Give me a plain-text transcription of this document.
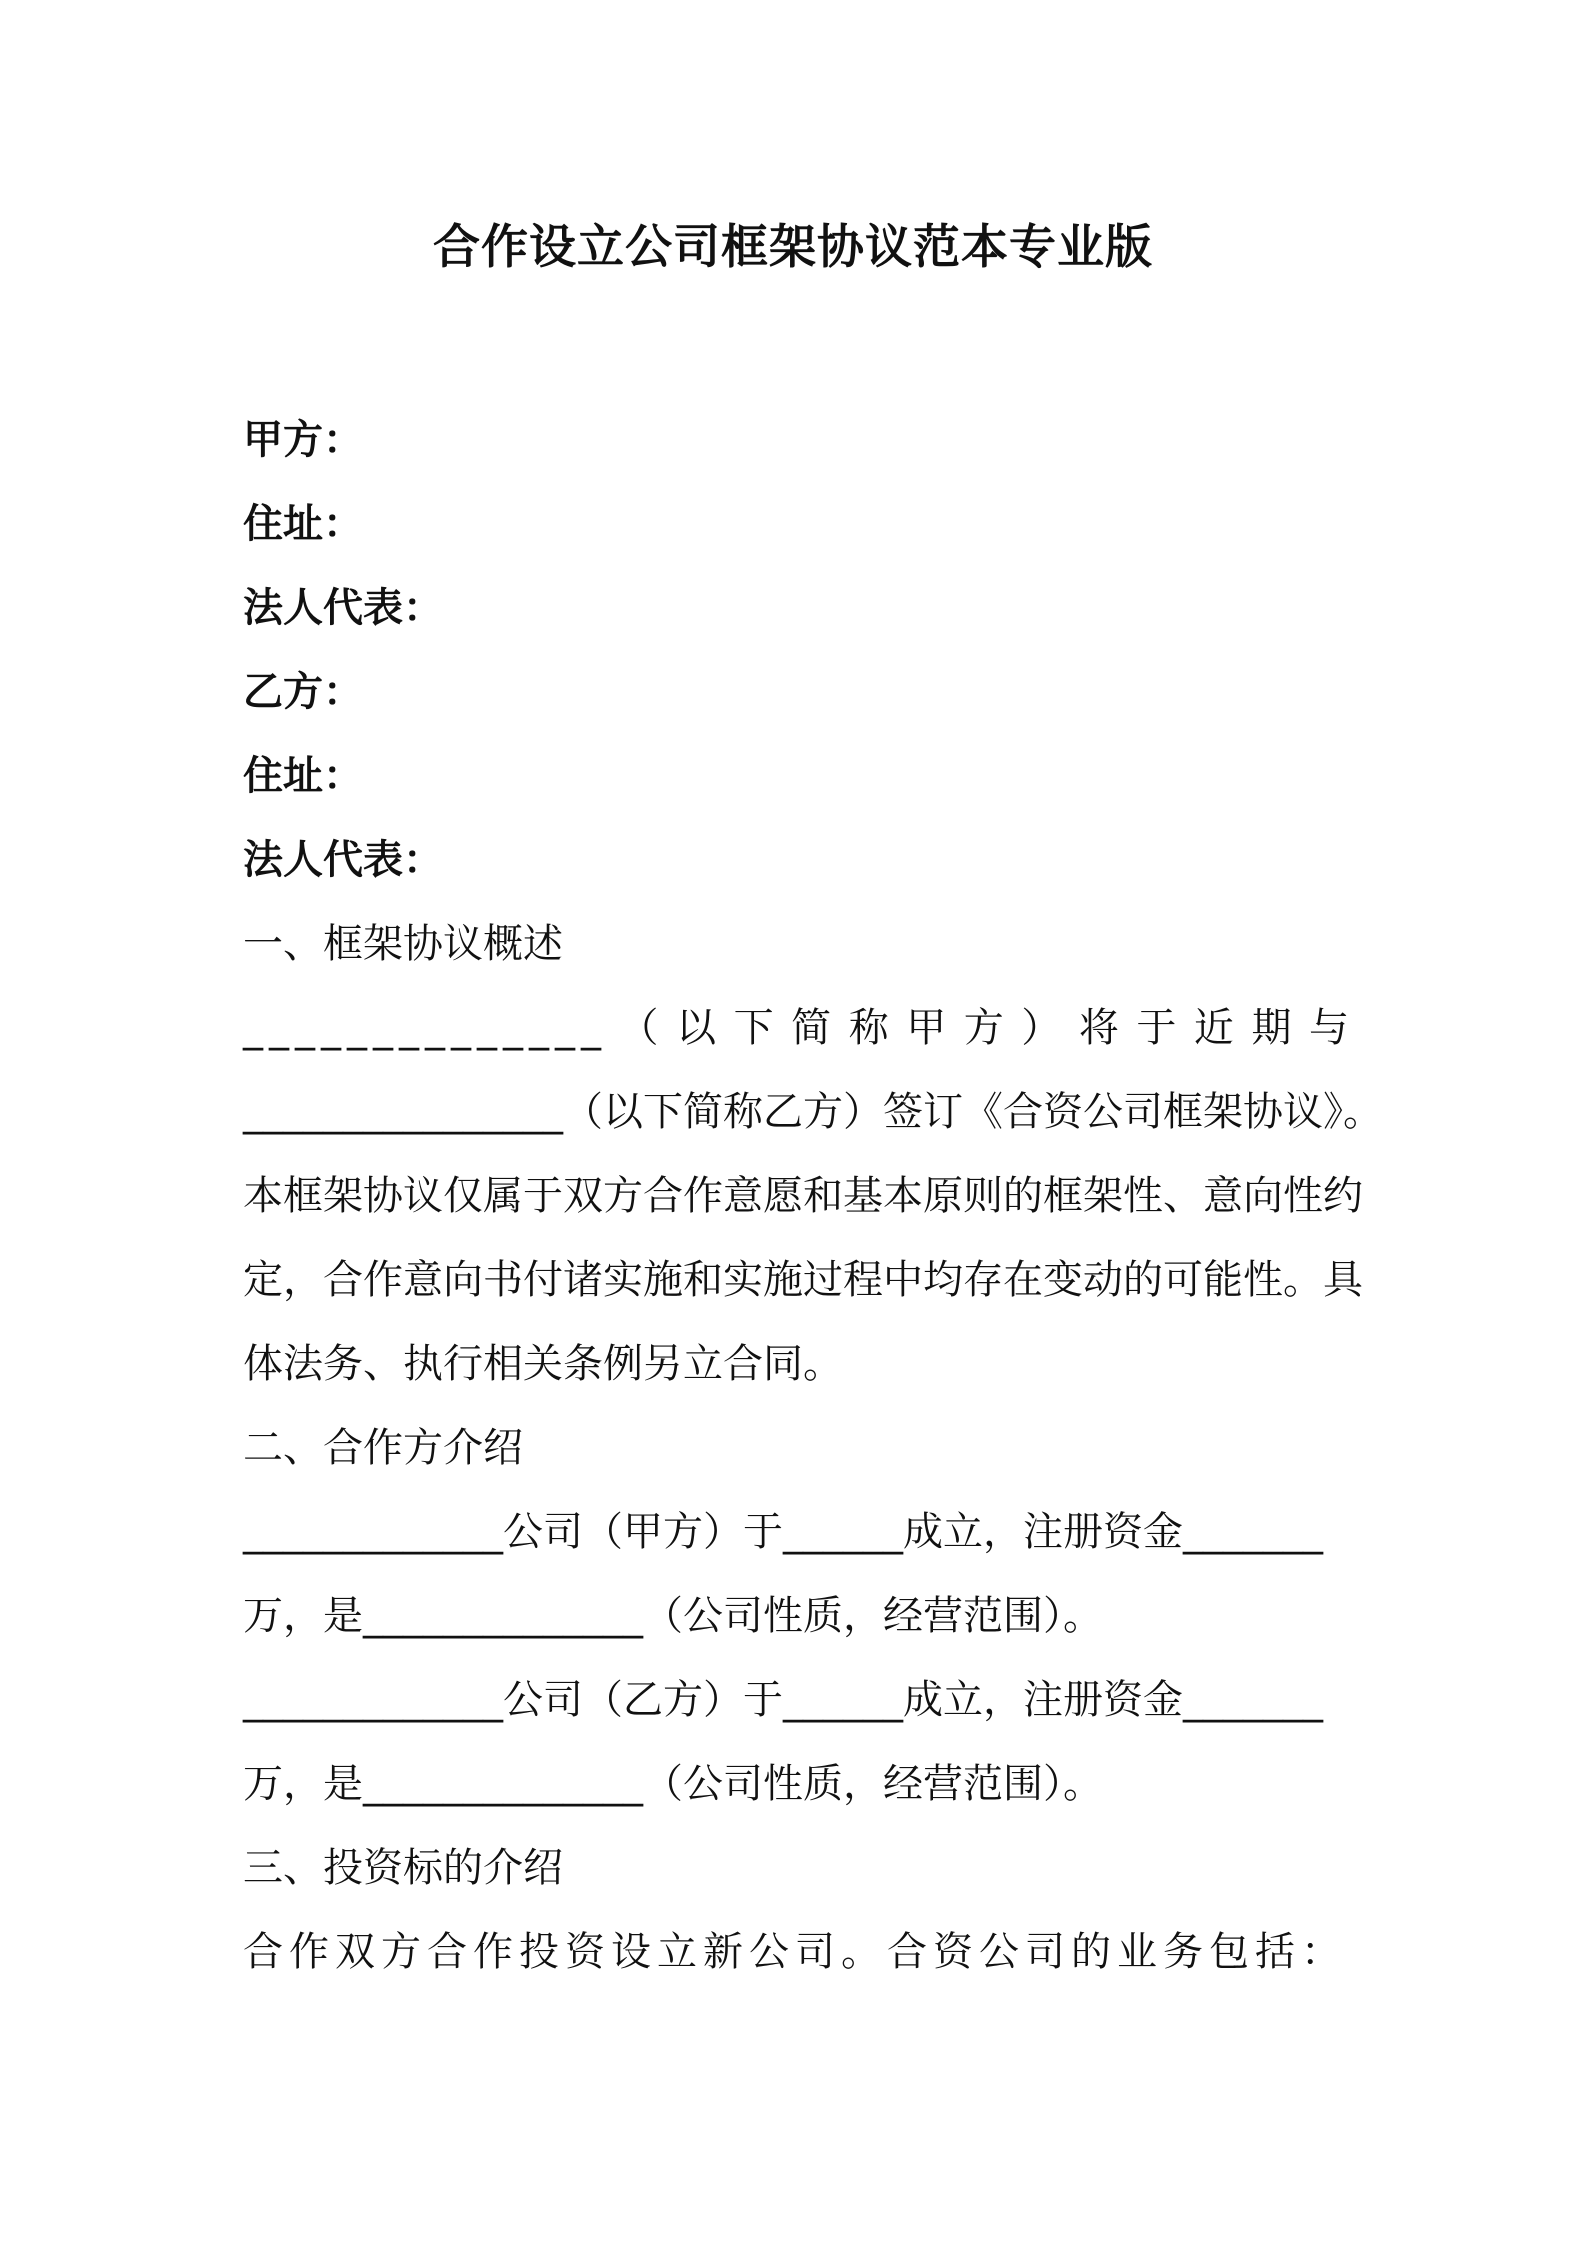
合作设立公司框架协议范本专业版

甲方：

住址：

法人代表：

乙方：

住址：

法人代表：

一、框架协议概述

______________（以下简称甲方）将于近期与

________________（以下简称乙方）签订《合资公司框架协议》。

本框架协议仅属于双方合作意愿和基本原则的框架性、意向性约

定，合作意向书付诸实施和实施过程中均存在变动的可能性。具

体法务、执行相关条例另立合同。

二、合作方介绍

_____________公司（甲方）于______成立，注册资金_______

万，是______________（公司性质，经营范围）。

_____________公司（乙方）于______成立，注册资金_______

万，是______________（公司性质，经营范围）。

三、投资标的介绍

合作双方合作投资设立新公司。合资公司的业务包括：
